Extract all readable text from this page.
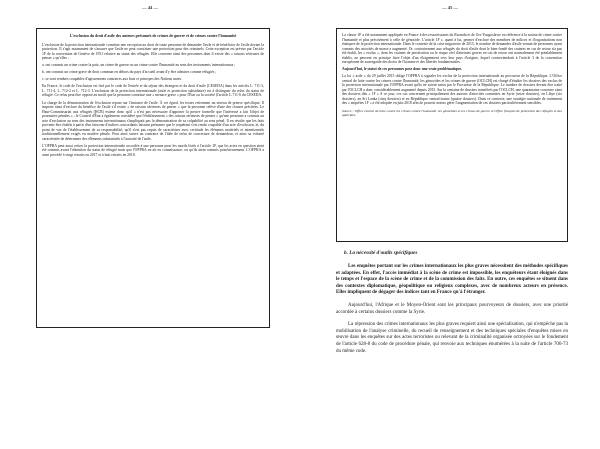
— 44 —
L'exclusion du droit d'asile des auteurs présumés de crimes de guerre et de crimes contre l'humanité

L'exclusion de la protection internationale constitue une exception au droit de toute personne de demander l'asile et de bénéficier de l'asile devant la protection. Il s'agit notamment de s'assurer que l'asile ne peut constituer une protection pour des criminels. Cette exception est prévue par l'article 1F de la convention de Genève de 1951 relative au statut des réfugiés. Elle concerne ainsi des personnes dont il existe des « raisons sérieuses de penser » qu'elles :

a. ont commis un crime contre la paix, un crime de guerre ou un crime contre l'humanité au sens des instruments internationaux ;

b. ont commis un crime grave de droit commun en dehors du pays d'accueil avant d'y être admises comme réfugiés ;

c. se sont rendues coupables d'agissements contraires aux buts et principes des Nations unies.

En France, le code de l'exclusion est fixé par le code de l'entrée et du séjour des étrangers et du droit d'asile (CESEDA) dans les articles L. 711-3, L. 711-4, L. 712-2 et L. 712-3. L'exclusion de la protection internationale (asile et protection subsidiaire) est à distinguer du refus du statut de réfugié. Ce refus peut être opposé au motif que la personne constitue une « menace grave » pour l'État ou la société (l'article L.711-6 du CESEDA.

La charge de la démonstration de l'exclusion repose sur l'instance de l'asile. À cet égard, les textes retiennent un niveau de preuve spécifique. Il importe ainsi d'exclure du bénéfice de l'asile s'il existe « de raisons sérieuses de penser » que la personne relève d'une des clauses précitées. Le Haut-Commissariat aux réfugiés (HCR) estime donc qu'il « n'est pas nécessaire d'apporter la preuve formelle que l'intéressé a fait l'objet de poursuites pénales » ; le Conseil d'État a également considéré que l'établissement « des raisons sérieuses de penser » qu'une personne a commis un acte d'exclusion au sens des instruments internationaux s'impliquait pas la démonstration de sa culpabilité au sens pénal. Il en résulte que les faits provenir être établis à partir d'un faisceau d'indices concordants laissant présumer que le requérant s'est rendu coupable d'un acte d'exclusion, et, du point de vue de l'établissement de sa responsabilité, qu'il n'est pas requis de caractériser avec certitude les éléments matériels et intentionnels traditionnellement exigés en matière pénale. Peut ainsi suivre au contraire de l'idée de refus de couverture de demandeur, et ainsi sa volonté caractérisée de déterminer des éléments substantiels à l'autorité de l'asile.

L'OFPRA peut aussi retirer la protection internationale accordée à une personne pour les motifs listés à l'article 1F, que les actes en question aient été commis avant l'obtention du statut de réfugié mais que l'OFPRA en ait eu connaissance, ou qu'ils aient commis postérieurement. L'OFPRA a ainsi procédé à vingt retraits en 2017 et à huit retraits en 2018.

— 45 —

La clause 1F a été notamment appliquée en France à des ressortissants du Rwanda et de l'ex-Yougoslavie en référence à la notion de crime contre l'humanité et plus précisément à celle de génocide. L'article 1F c, quant à lui, permet d'exclure des membres de milices et d'organisations non étatiques de la protection internationale. Dans le contexte de la crise migratoire de 2015, le nombre de demandes d'asile venant de personnes ayant commis des atrocités de masse a augmenté. Or, contrairement aux réfugiés du droit d'asile dont le bien-fondé des craintes en cas de retour n'a pas été établi, les « exclus », dont les craintes de persécution ou le risque réel d'atteintes graves en cas de retour ont normalement été préalablement établis, ne peuvent en principe faire l'objet d'un éloignement vers leur pays d'origine, lequel contreviendrait à l'article 3 de la convention européenne de sauvegarde des droits de l'homme et des libertés fondamentales.

Aujourd'hui, le statut de ces personnes pose donc une vraie problématique.

La loi « asile » du 29 juillet 2015 oblige l'OFPRA à signaler les exclus de la protection internationale au procureur de la République. L'Office central de lutte contre les crimes contre l'humanité, les génocides et les crimes de guerre (OCLCH) est chargé d'étudier les dossiers des exclus de la protection internationale par l'OFPRA avant qu'ils ne soient saisis par le Procureur de la République. Le nombre de dossiers devant être traité par l'OCLCH a donc considérablement augmenté depuis 2015. Sur la centaine de dossiers transférés par l'OCLCH, une quarantaine concerne ainsi des dossiers dits « 1F » A ce jour, ces cas concernent principalement des auteurs d'atrocités commises en Syrie (seize dossiers), en Libye (six dossiers), au Sri Lanka (cinq dossiers) et en République centrafricaine (quatre dossiers). Dans ce contexte, une stratégie nationale de traitement des « enquêtes 1F » a été adoptée en juin 2018 afin de pouvoir mieux gérer l'augmentation de ces dossiers particulièrement sensibles.

Source : Office central de lutte contre les crimes contre l'humanité, les génocides et les crimes de guerre et Office français de protection des réfugiés et des apatrides.

b. La nécessité d'outils spécifiques

Les enquêtes portant sur les crimes internationaux les plus graves nécessitent des méthodes spécifiques et adaptées. En effet, l'accès immédiat à la scène de crime est impossible, les enquêteurs étant éloignés dans le temps et l'espace de la scène de crime et de la commission des faits. En outre, ces enquêtes se situent dans des contextes diplomatique, géopolitique ou religieux complexes, avec de nombreux acteurs en présence. Elles impliquent de dégager des indices tant en France qu'à l'étranger.

Aujourd'hui, l'Afrique et le Moyen-Orient sont les principaux pourvoyeurs de dossiers, avec une priorité accordée à certains dossiers comme la Syrie.

La répression des crimes internationaux les plus graves requiert ainsi une spécialisation, qui n'empêche pas la mobilisation de l'analyse criminelle, du recueil de renseignement et des techniques spéciales d'enquêtes mises en œuvre dans les enquêtes sur des actes terroristes ou relevant de la criminalité organisée octroyées sur le fondement de l'article 628-8 du code de procédure pénale, qui renvoie aux techniques énumérées à la suite de l'article 706-73 du même code.
